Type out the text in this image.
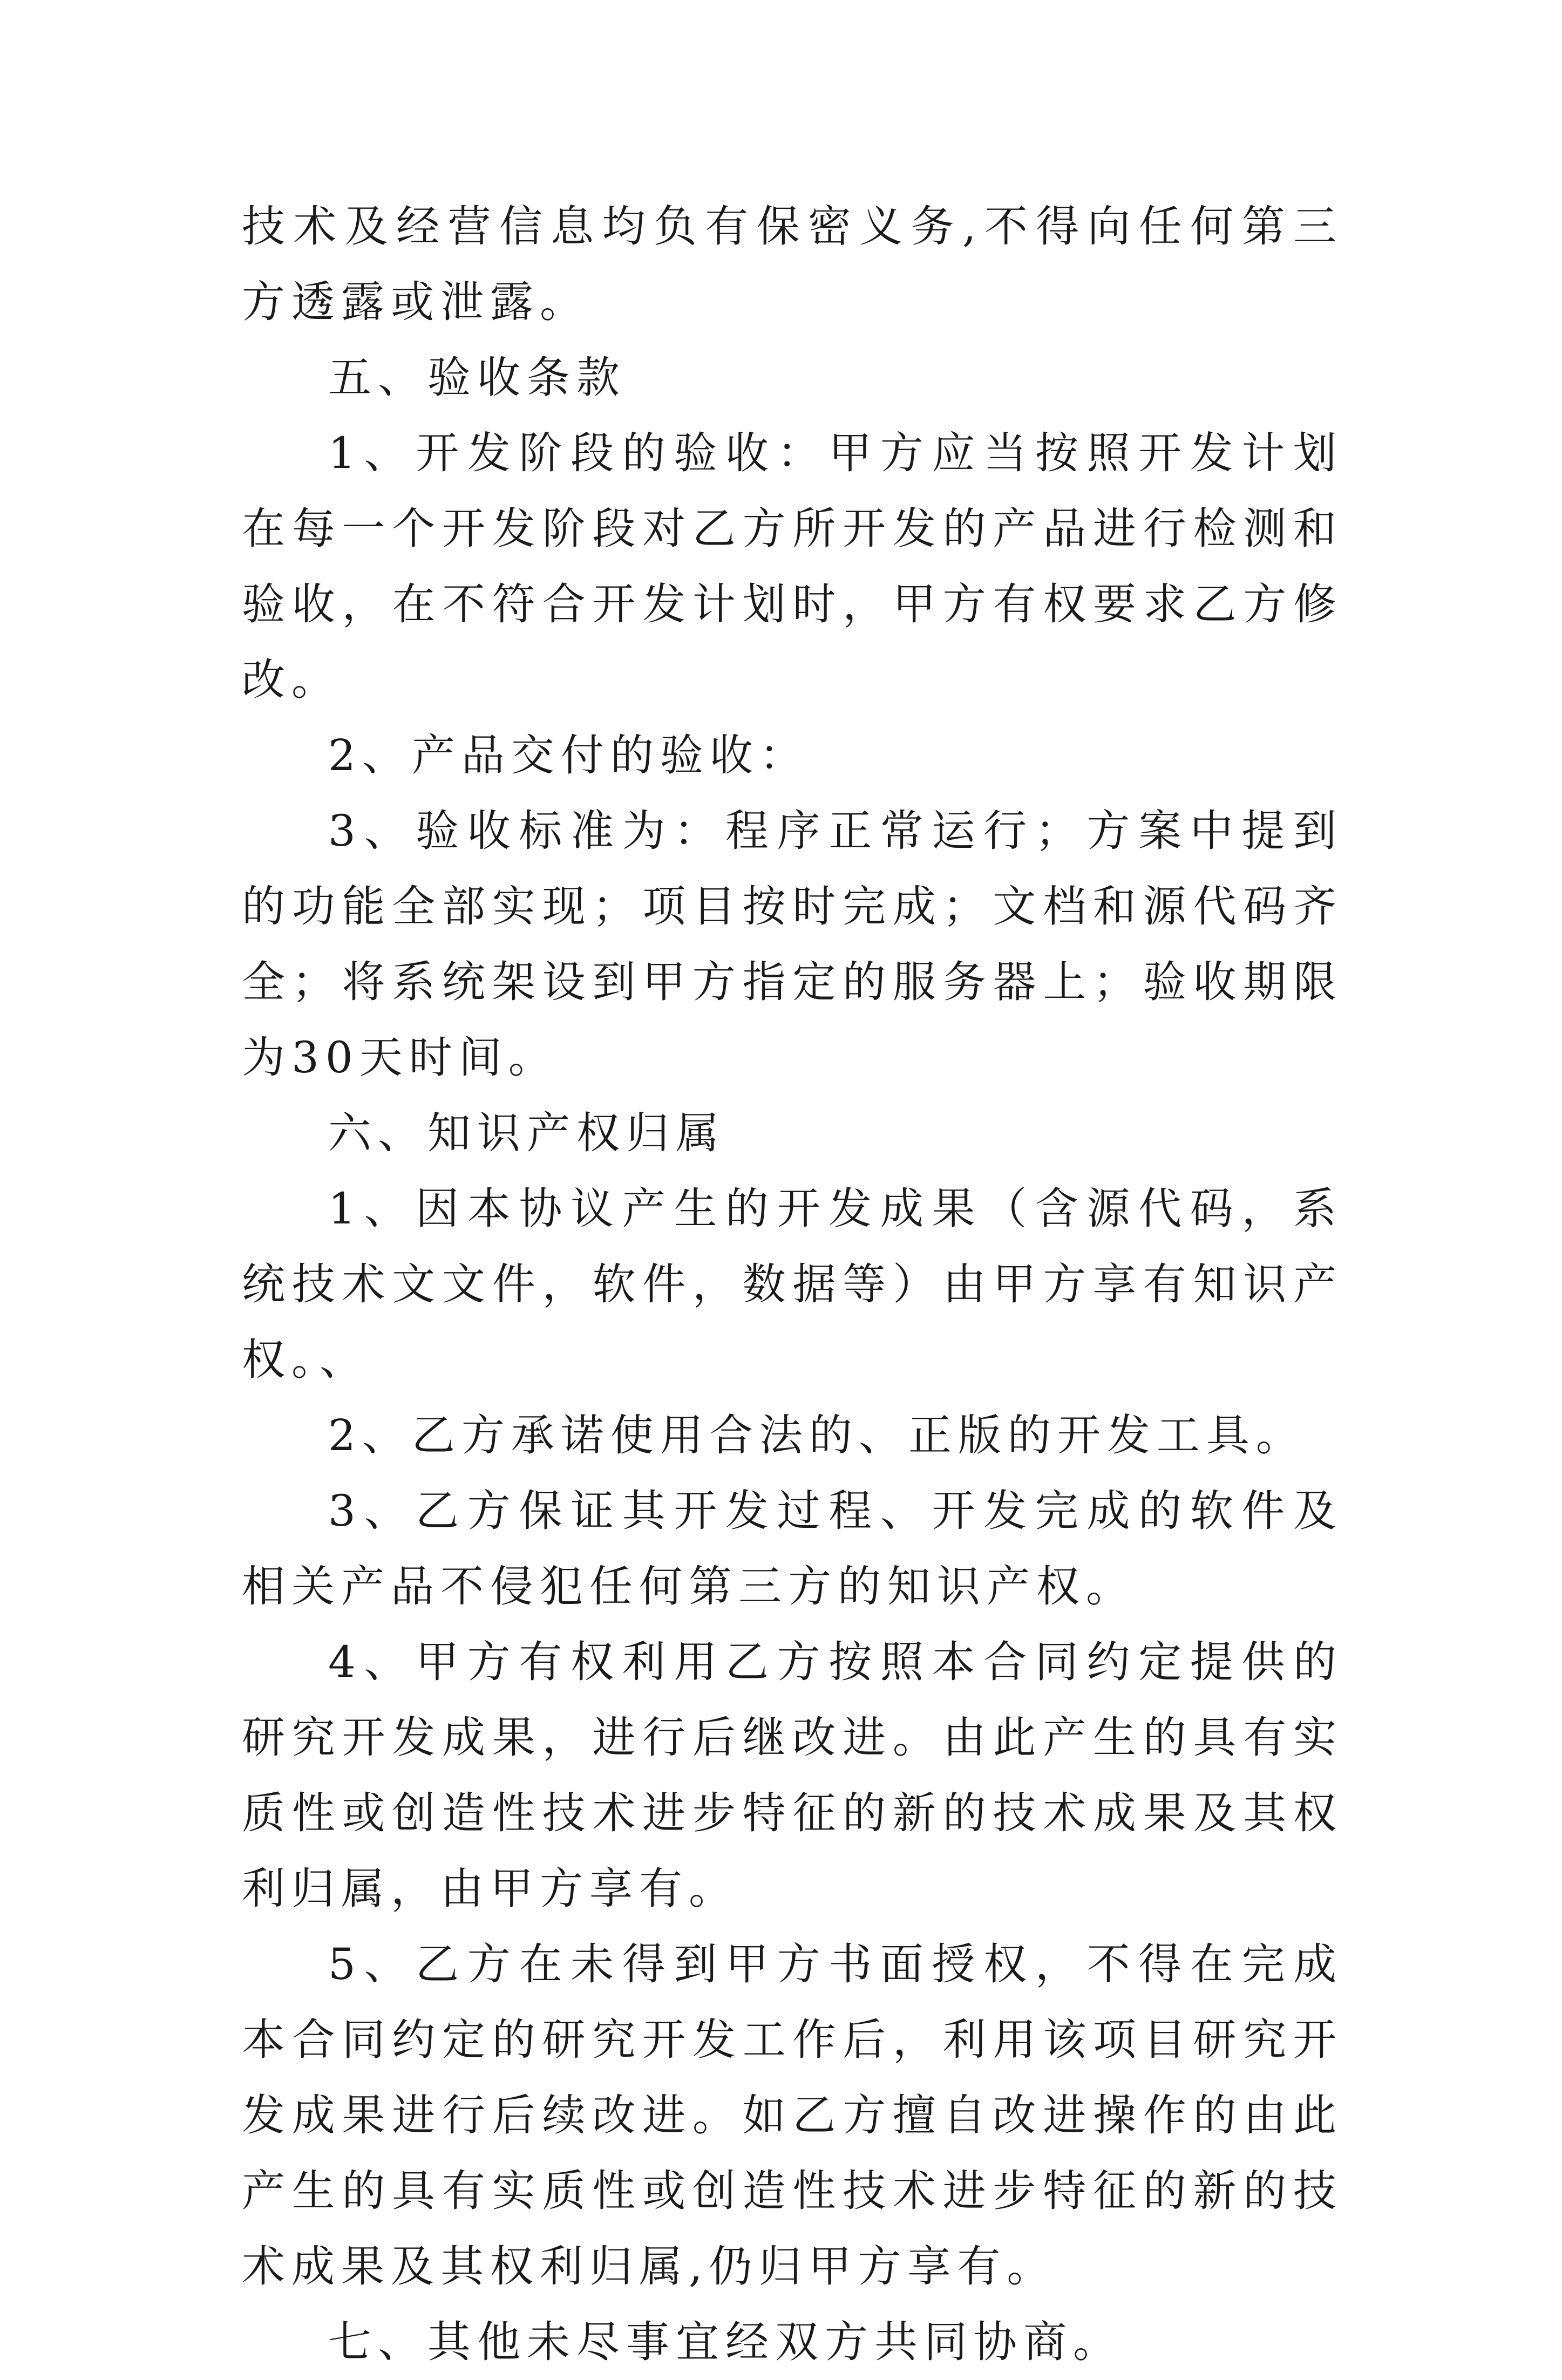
技术及经营信息均负有保密义务,不得向任何第三方透露或泄露。

五、验收条款

1、开发阶段的验收：甲方应当按照开发计划在每一个开发阶段对乙方所开发的产品进行检测和验收，在不符合开发计划时，甲方有权要求乙方修改。

2、产品交付的验收：

3、验收标准为：程序正常运行；方案中提到的功能全部实现；项目按时完成；文档和源代码齐全；将系统架设到甲方指定的服务器上；验收期限为30天时间。

六、知识产权归属

1、因本协议产生的开发成果（含源代码，系统技术文文件，软件，数据等）由甲方享有知识产权。、

2、乙方承诺使用合法的、正版的开发工具。

3、乙方保证其开发过程、开发完成的软件及相关产品不侵犯任何第三方的知识产权。

4、甲方有权利用乙方按照本合同约定提供的研究开发成果，进行后继改进。由此产生的具有实质性或创造性技术进步特征的新的技术成果及其权利归属，由甲方享有。

5、乙方在未得到甲方书面授权，不得在完成本合同约定的研究开发工作后，利用该项目研究开发成果进行后续改进。如乙方擅自改进操作的由此产生的具有实质性或创造性技术进步特征的新的技术成果及其权利归属,仍归甲方享有。

七、其他未尽事宜经双方共同协商。
